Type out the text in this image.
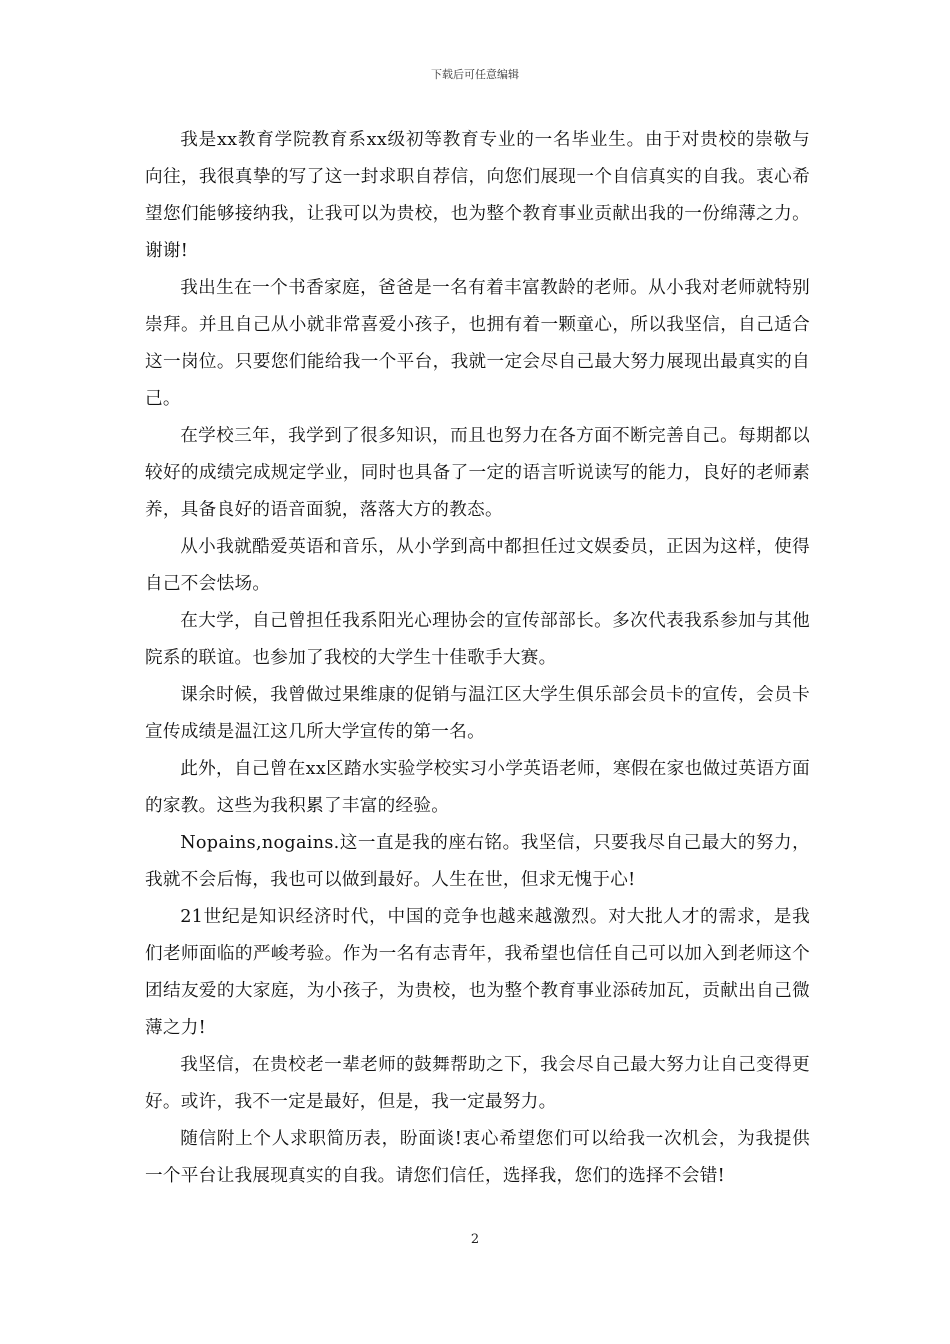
下载后可任意编辑

我是xx教育学院教育系xx级初等教育专业的一名毕业生。由于对贵校的崇敬与向往，我很真挚的写了这一封求职自荐信，向您们展现一个自信真实的自我。衷心希望您们能够接纳我，让我可以为贵校，也为整个教育事业贡献出我的一份绵薄之力。谢谢!

我出生在一个书香家庭，爸爸是一名有着丰富教龄的老师。从小我对老师就特别崇拜。并且自己从小就非常喜爱小孩子，也拥有着一颗童心，所以我坚信，自己适合这一岗位。只要您们能给我一个平台，我就一定会尽自己最大努力展现出最真实的自己。

在学校三年，我学到了很多知识，而且也努力在各方面不断完善自己。每期都以较好的成绩完成规定学业，同时也具备了一定的语言听说读写的能力，良好的老师素养，具备良好的语音面貌，落落大方的教态。

从小我就酷爱英语和音乐，从小学到高中都担任过文娱委员，正因为这样，使得自己不会怯场。

在大学，自己曾担任我系阳光心理协会的宣传部部长。多次代表我系参加与其他院系的联谊。也参加了我校的大学生十佳歌手大赛。

课余时候，我曾做过果维康的促销与温江区大学生俱乐部会员卡的宣传，会员卡宣传成绩是温江这几所大学宣传的第一名。

此外，自己曾在xx区踏水实验学校实习小学英语老师，寒假在家也做过英语方面的家教。这些为我积累了丰富的经验。

Nopains,nogains.这一直是我的座右铭。我坚信，只要我尽自己最大的努力，我就不会后悔，我也可以做到最好。人生在世，但求无愧于心!

21世纪是知识经济时代，中国的竞争也越来越激烈。对大批人才的需求，是我们老师面临的严峻考验。作为一名有志青年，我希望也信任自己可以加入到老师这个团结友爱的大家庭，为小孩子，为贵校，也为整个教育事业添砖加瓦，贡献出自己微薄之力!

我坚信，在贵校老一辈老师的鼓舞帮助之下，我会尽自己最大努力让自己变得更好。或许，我不一定是最好，但是，我一定最努力。

随信附上个人求职简历表，盼面谈!衷心希望您们可以给我一次机会，为我提供一个平台让我展现真实的自我。请您们信任，选择我，您们的选择不会错!

2
